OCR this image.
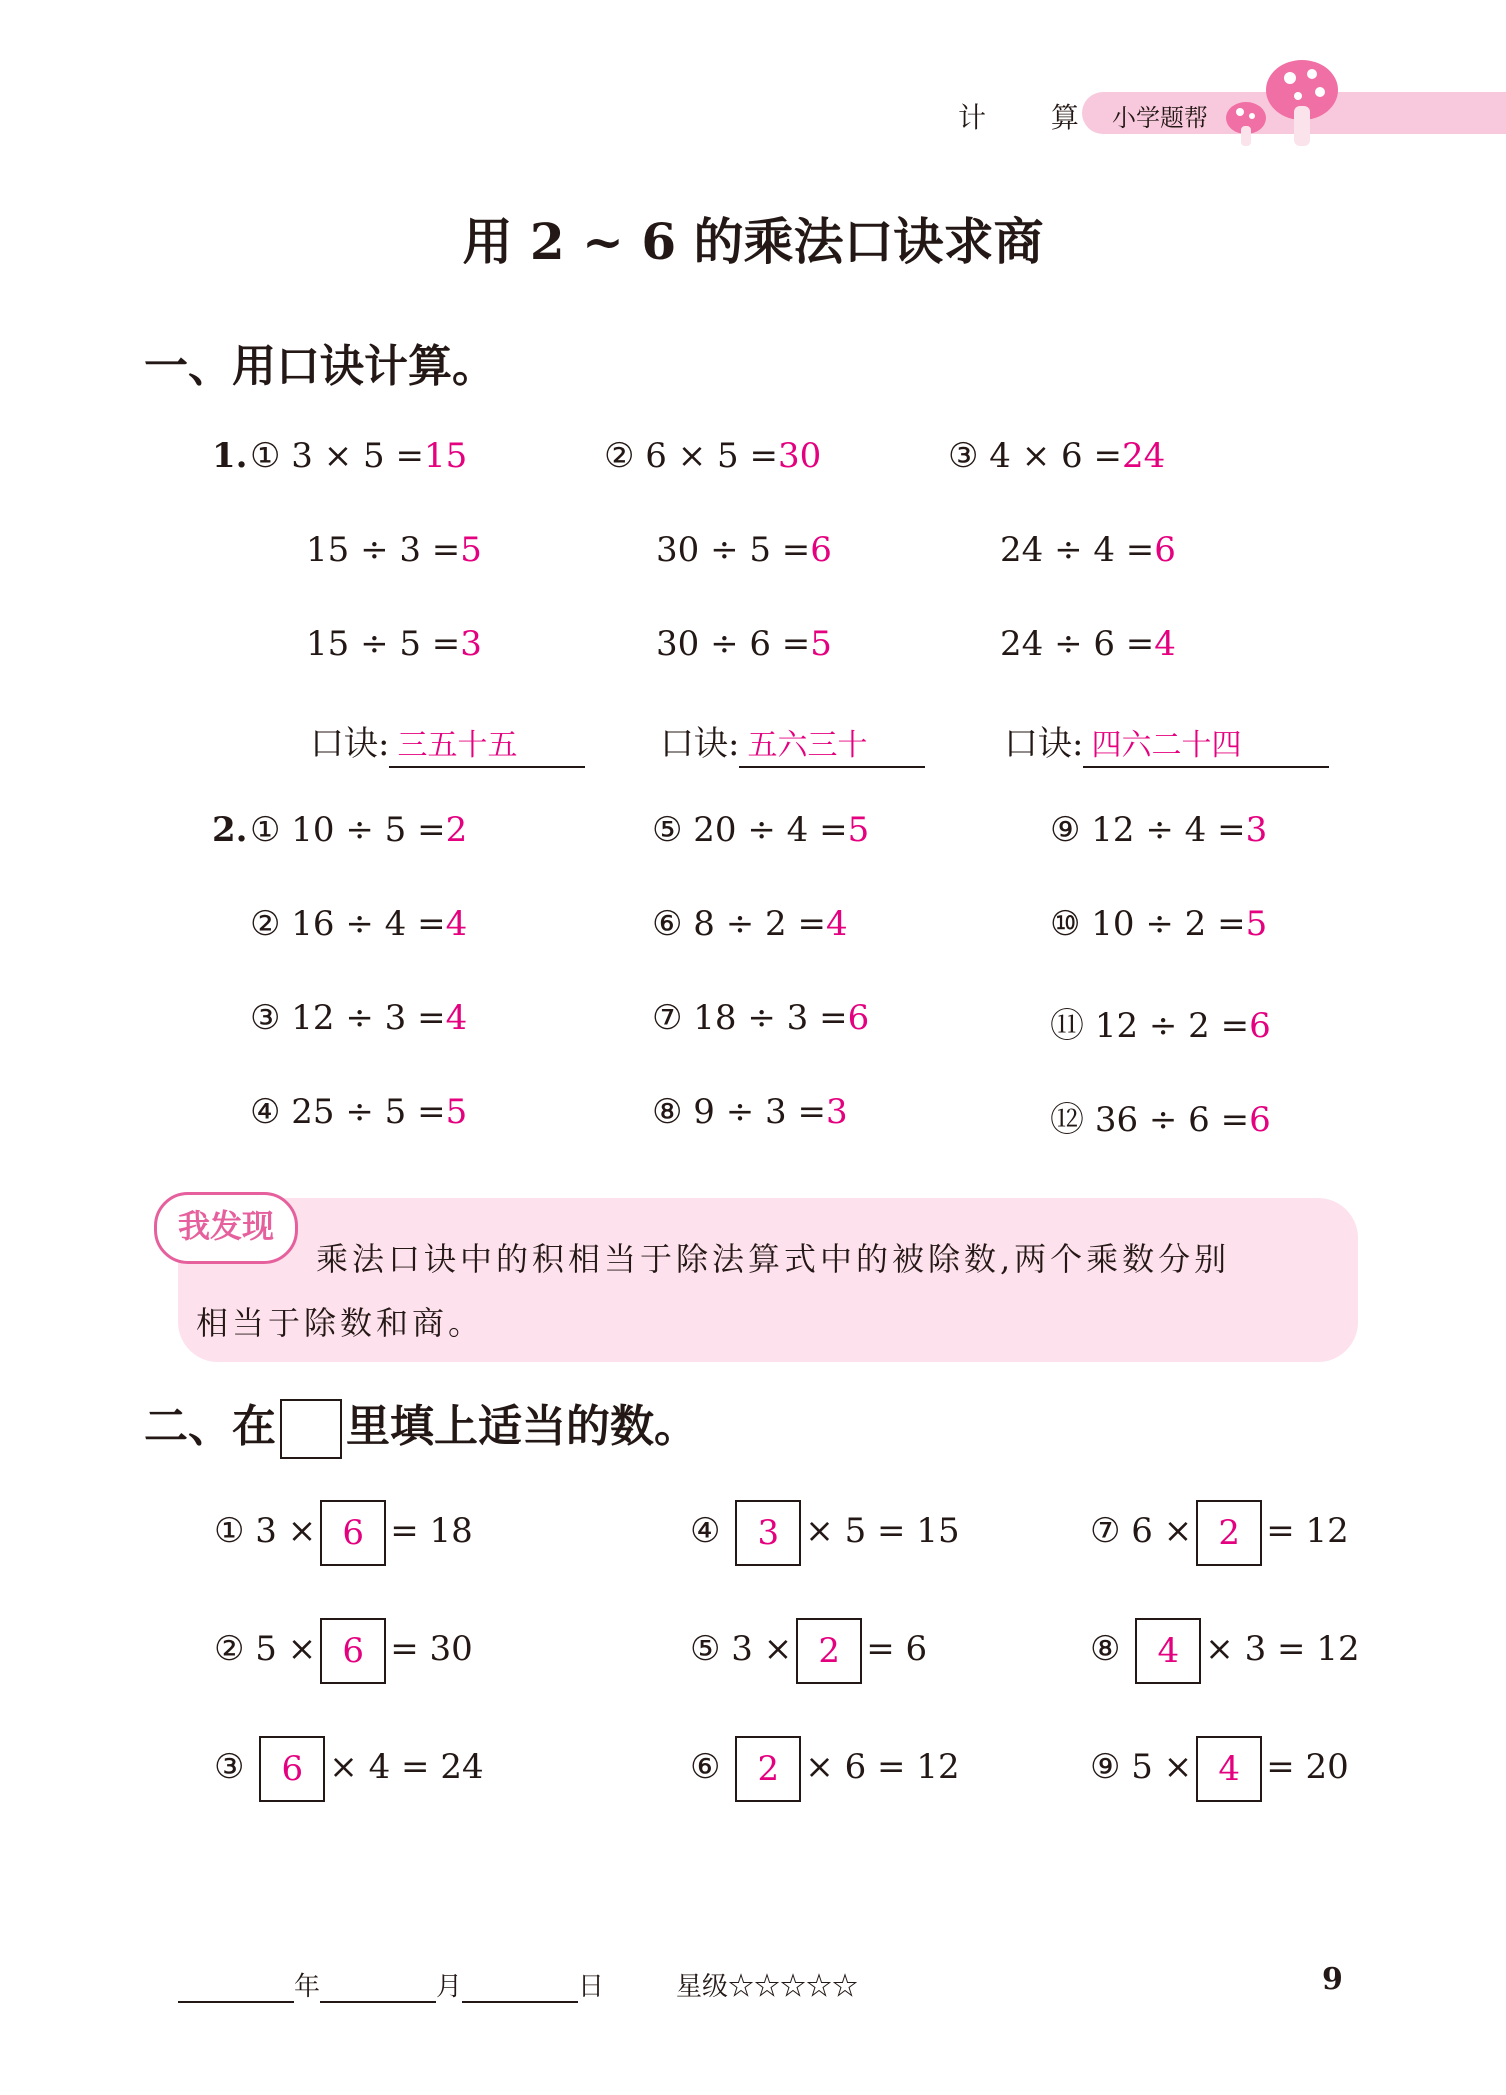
计 算 小学题帮
用 2 ~ 6 的乘法口诀求商
一、用口诀计算。
1. ① 3 × 5 =15
15 ÷ 3 =5
15 ÷ 5 =3
口诀: 三五十五
② 6 × 5 =30
30 ÷ 5 =6
30 ÷ 6 =5
口诀: 五六三十
③ 4 × 6 =24
24 ÷ 4 =6
24 ÷ 6 =4
口诀: 四六二十四
2. ① 10 ÷ 5 =2
② 16 ÷ 4 =4
③ 12 ÷ 3 =4
④ 25 ÷ 5 =5
⑤ 20 ÷ 4 =5
⑥ 8 ÷ 2 =4
⑦ 18 ÷ 3 =6
⑧ 9 ÷ 3 =3
⑨ 12 ÷ 4 =3
⑩ 10 ÷ 2 =5
⑪ 12 ÷ 2 =6
⑫ 36 ÷ 6 =6
我发现
乘法口诀中的积相当于除法算式中的被除数,两个乘数分别
相当于除数和商。
二、在 里填上适当的数。
① 3 × 6 = 18
② 5 × 6 = 30
③ 6 × 4 = 24
④ 3 × 5 = 15
⑤ 3 × 2 = 6
⑥ 2 × 6 = 12
⑦ 6 × 2 = 12
⑧ 4 × 3 = 12
⑨ 5 × 4 = 20
年	月	日	星级☆☆☆☆☆	9
